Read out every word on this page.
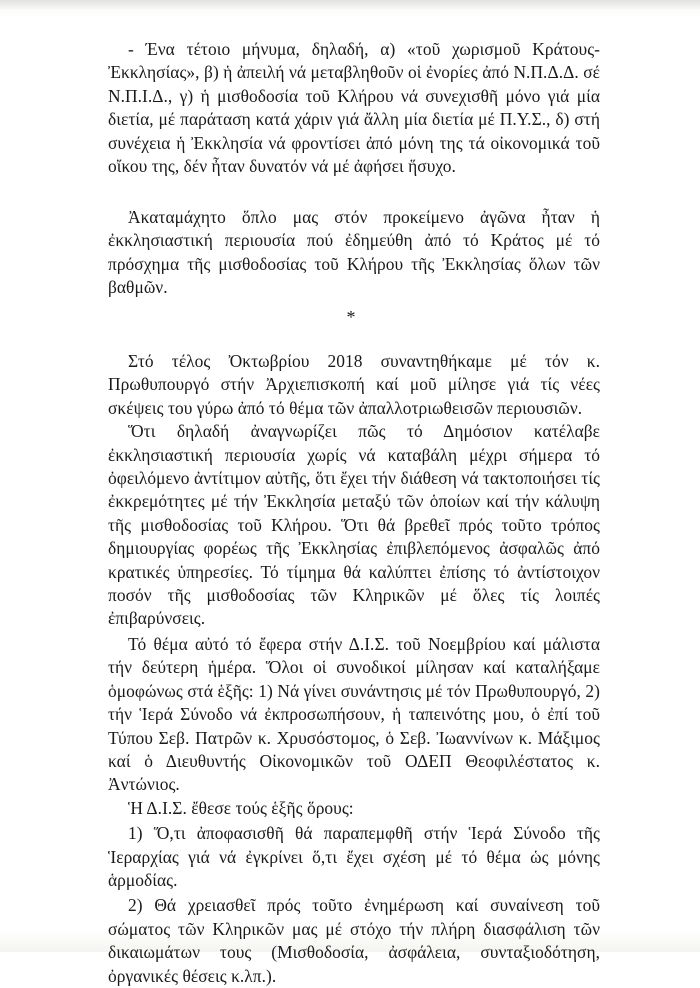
- Ένα τέτοιο μήνυμα, δηλαδή, α) «τοῦ χωρισμοῦ Κράτους-Ἐκκλησίας», β) ἡ ἀπειλή νά μεταβληθοῦν οἱ ἐνορίες ἀπό Ν.Π.Δ.Δ. σέ Ν.Π.Ι.Δ., γ) ἡ μισθοδοσία τοῦ Κλήρου νά συνεχισθῆ μόνο γιά μία διετία, μέ παράταση κατά χάριν γιά ἄλλη μία διετία μέ Π.Υ.Σ., δ) στή συνέχεια ἡ Ἐκκλησία νά φροντίσει ἀπό μόνη της τά οἰκονομικά τοῦ οἴκου της, δέν ἦταν δυνατόν νά μέ ἀφήσει ἥσυχο.

Ἀκαταμάχητο ὅπλο μας στόν προκείμενο ἀγῶνα ἦταν ἡ ἐκκλησιαστική περιουσία πού ἐδημεύθη ἀπό τό Κράτος μέ τό πρόσχημα τῆς μισθοδοσίας τοῦ Κλήρου τῆς Ἐκκλησίας ὅλων τῶν βαθμῶν.

*

Στό τέλος Ὀκτωβρίου 2018 συναντηθήκαμε μέ τόν κ. Πρωθυπουργό στήν Ἀρχιεπισκοπή καί μοῦ μίλησε γιά τίς νέες σκέψεις του γύρω ἀπό τό θέμα τῶν ἀπαλλοτριωθεισῶν περιουσιῶν.

Ὅτι δηλαδή ἀναγνωρίζει πῶς τό Δημόσιον κατέλαβε ἐκκλησιαστική περιουσία χωρίς νά καταβάλη μέχρι σήμερα τό ὀφειλόμενο ἀντίτιμον αὐτῆς, ὅτι ἔχει τήν διάθεση νά τακτοποιήσει τίς ἐκκρεμότητες μέ τήν Ἐκκλησία μεταξύ τῶν ὁποίων καί τήν κάλυψη τῆς μισθοδοσίας τοῦ Κλήρου. Ὅτι θά βρεθεῖ πρός τοῦτο τρόπος δημιουργίας φορέως τῆς Ἐκκλησίας ἐπιβλεπόμενος ἀσφαλῶς ἀπό κρατικές ὑπηρεσίες. Τό τίμημα θά καλύπτει ἐπίσης τό ἀντίστοιχον ποσόν τῆς μισθοδοσίας τῶν Κληρικῶν μέ ὅλες τίς λοιπές ἐπιβαρύνσεις.

Τό θέμα αὐτό τό ἔφερα στήν Δ.Ι.Σ. τοῦ Νοεμβρίου καί μάλιστα τήν δεύτερη ἡμέρα. Ὅλοι οἱ συνοδικοί μίλησαν καί καταλήξαμε ὁμοφώνως στά ἑξῆς: 1) Νά γίνει συνάντησις μέ τόν Πρωθυπουργό, 2) τήν Ἱερά Σύνοδο νά ἐκπροσωπήσουν, ἡ ταπεινότης μου, ὁ ἐπί τοῦ Τύπου Σεβ. Πατρῶν κ. Χρυσόστομος, ὁ Σεβ. Ἰωαννίνων κ. Μάξιμος καί ὁ Διευθυντής Οἰκονομικῶν τοῦ ΟΔΕΠ Θεοφιλέστατος κ. Ἀντώνιος.

Ἡ Δ.Ι.Σ. ἔθεσε τούς ἑξῆς ὅρους:

1) Ὅ,τι ἀποφασισθῆ θά παραπεμφθῆ στήν Ἱερά Σύνοδο τῆς Ἱεραρχίας γιά νά ἐγκρίνει ὅ,τι ἔχει σχέση μέ τό θέμα ὡς μόνης ἁρμοδίας.

2) Θά χρειασθεῖ πρός τοῦτο ἐνημέρωση καί συναίνεση τοῦ σώματος τῶν Κληρικῶν μας μέ στόχο τήν πλήρη διασφάλιση τῶν δικαιωμάτων τους (Μισθοδοσία, ἀσφάλεια, συνταξιοδότηση, ὀργανικές θέσεις κ.λπ.).
